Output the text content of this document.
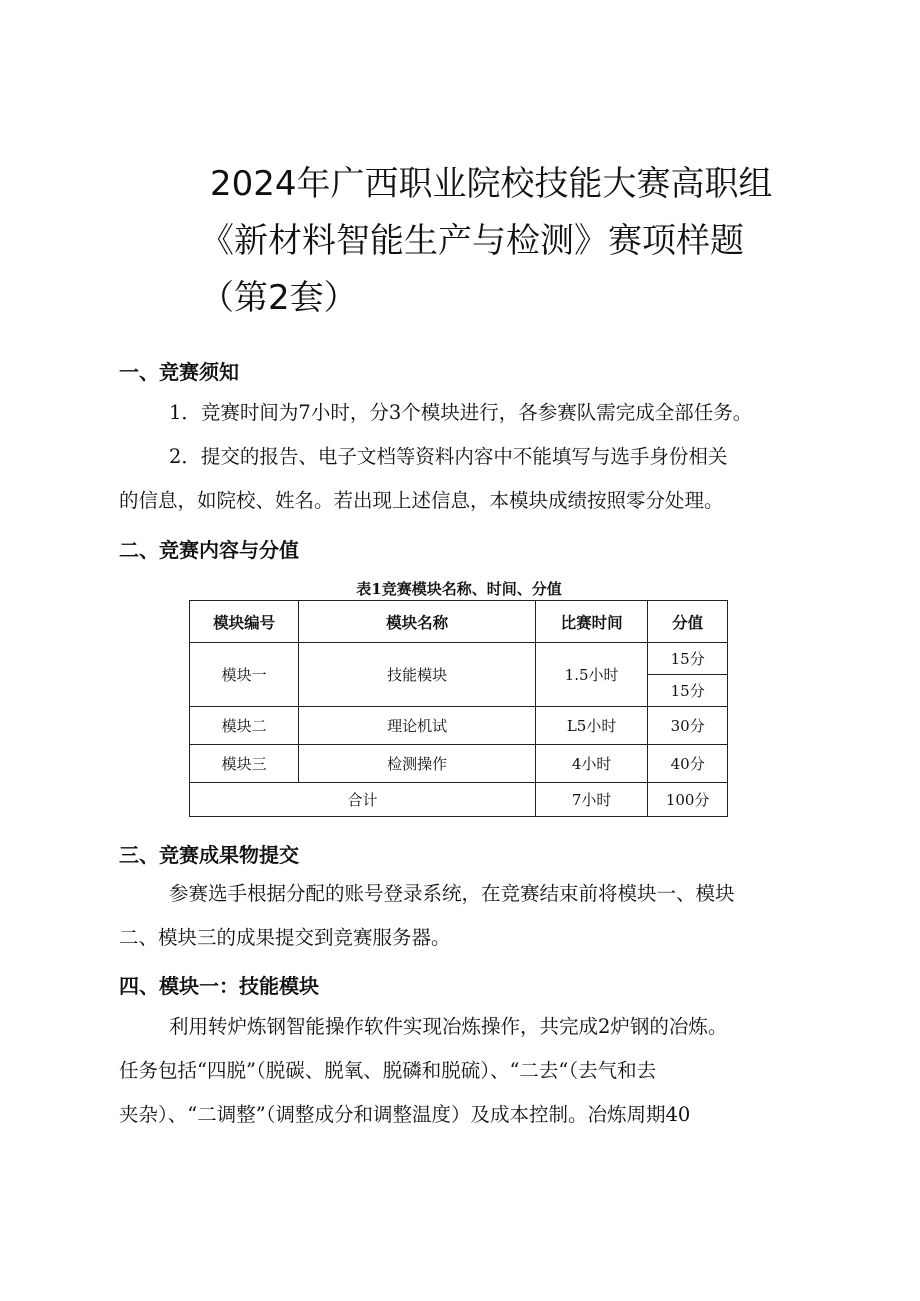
2024年广西职业院校技能大赛高职组
《新材料智能生产与检测》赛项样题
（第2套）
一、竞赛须知
1．竞赛时间为7小时，分3个模块进行，各参赛队需完成全部任务。
2．提交的报告、电子文档等资料内容中不能填写与选手身份相关
的信息，如院校、姓名。若出现上述信息，本模块成绩按照零分处理。
二、竞赛内容与分值
表1竞赛模块名称、时间、分值
模块编号	模块名称	比赛时间	分值
模块一	技能模块	1.5小时	15分
			15分
模块二	理论机试	L5小时	30分
模块三	检测操作	4小时	40分
合计		7小时	100分
三、竞赛成果物提交
参赛选手根据分配的账号登录系统，在竞赛结束前将模块一、模块
二、模块三的成果提交到竞赛服务器。
四、模块一：技能模块
利用转炉炼钢智能操作软件实现冶炼操作，共完成2炉钢的冶炼。
任务包括“四脱”（脱碳、脱氧、脱磷和脱硫）、“二去“（去气和去
夹杂）、“二调整”（调整成分和调整温度）及成本控制。冶炼周期40
